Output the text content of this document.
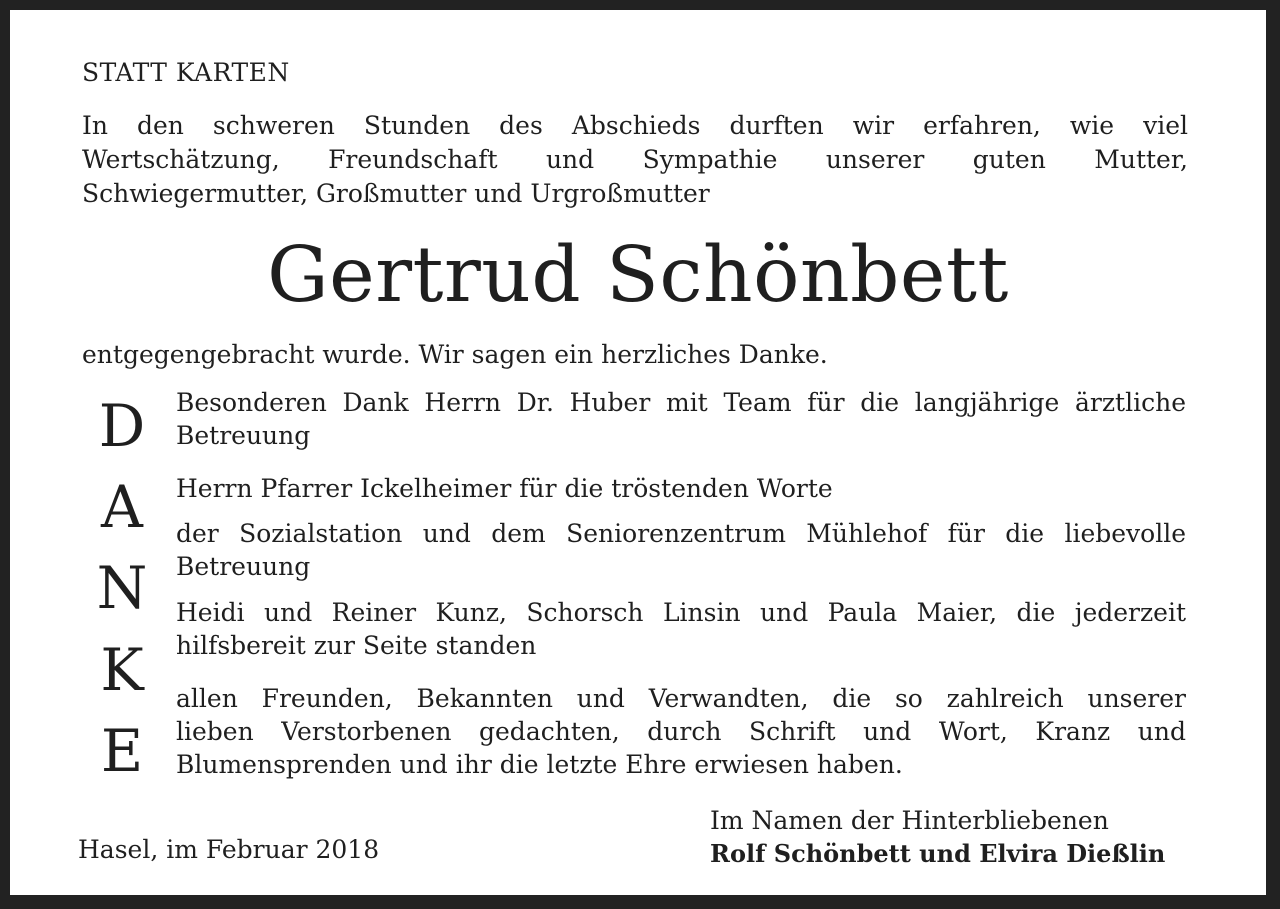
STATT KARTEN
In den schweren Stunden des Abschieds durften wir erfahren, wie viel
Wertschätzung, Freundschaft und Sympathie unserer guten Mutter,
Schwiegermutter, Großmutter und Urgroßmutter
Gertrud Schönbett
entgegengebracht wurde. Wir sagen ein herzliches Danke.
D
A
N
K
E
Besonderen Dank Herrn Dr. Huber mit Team für die langjährige ärztliche
Betreuung
Herrn Pfarrer Ickelheimer für die tröstenden Worte
der Sozialstation und dem Seniorenzentrum Mühlehof für die liebevolle
Betreuung
Heidi und Reiner Kunz, Schorsch Linsin und Paula Maier, die jederzeit
hilfsbereit zur Seite standen
allen Freunden, Bekannten und Verwandten, die so zahlreich unserer
lieben Verstorbenen gedachten, durch Schrift und Wort, Kranz und
Blumensprenden und ihr die letzte Ehre erwiesen haben.
Hasel, im Februar 2018
Im Namen der Hinterbliebenen
Rolf Schönbett und Elvira Dießlin
